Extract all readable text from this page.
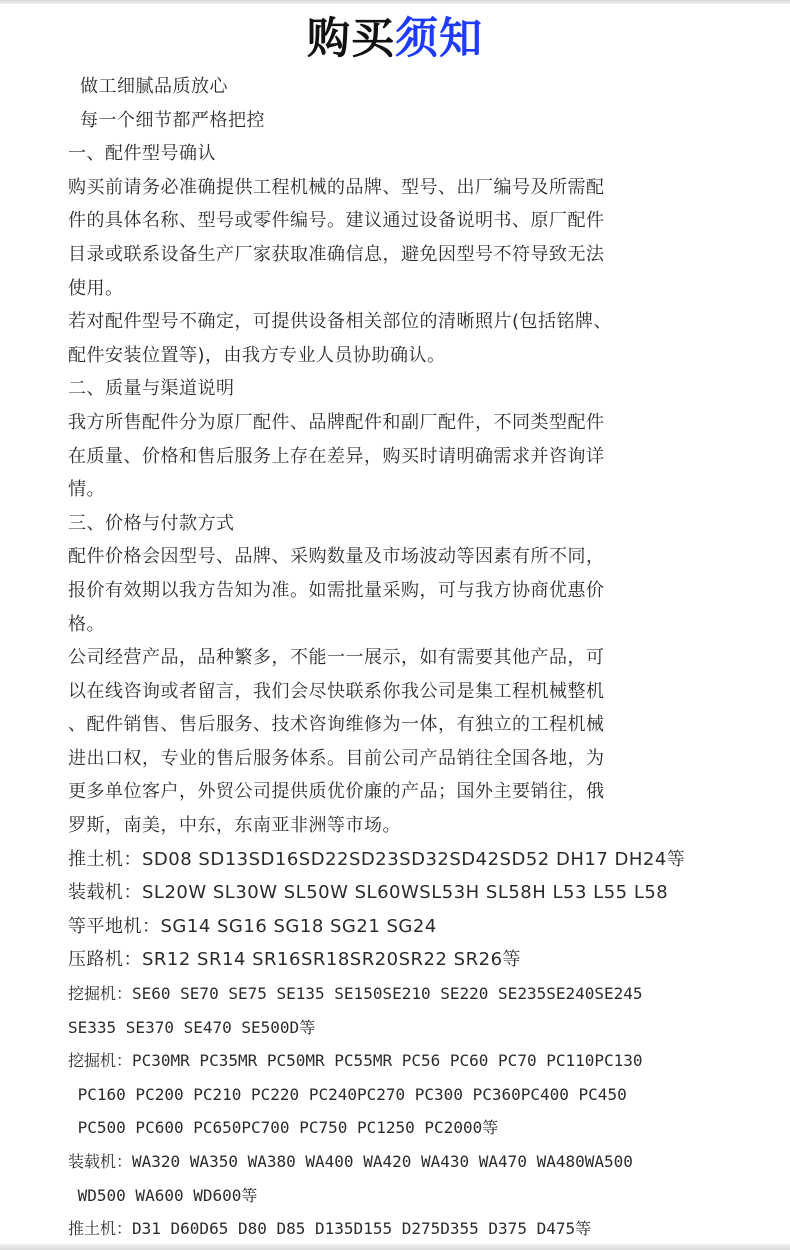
购买须知
做工细腻品质放心
每一个细节都严格把控
一、配件型号确认
购买前请务必准确提供工程机械的品牌、型号、出厂编号及所需配
件的具体名称、型号或零件编号。建议通过设备说明书、原厂配件
目录或联系设备生产厂家获取准确信息，避免因型号不符导致无法
使用。
若对配件型号不确定，可提供设备相关部位的清晰照片(包括铭牌、
配件安装位置等)，由我方专业人员协助确认。
二、质量与渠道说明
我方所售配件分为原厂配件、品牌配件和副厂配件，不同类型配件
在质量、价格和售后服务上存在差异，购买时请明确需求并咨询详
情。
三、价格与付款方式
配件价格会因型号、品牌、采购数量及市场波动等因素有所不同，
报价有效期以我方告知为准。如需批量采购，可与我方协商优惠价
格。
公司经营产品，品种繁多，不能一一展示，如有需要其他产品，可
以在线咨询或者留言，我们会尽快联系你我公司是集工程机械整机
、配件销售、售后服务、技术咨询维修为一体，有独立的工程机械
进出口权，专业的售后服务体系。目前公司产品销往全国各地，为
更多单位客户，外贸公司提供质优价廉的产品；国外主要销往，俄
罗斯，南美，中东，东南亚非洲等市场。
推土机：SD08 SD13SD16SD22SD23SD32SD42SD52 DH17 DH24等
装载机：SL20W SL30W SL50W SL60WSL53H SL58H L53 L55 L58
等平地机：SG14 SG16 SG18 SG21 SG24
压路机：SR12 SR14 SR16SR18SR20SR22 SR26等
挖掘机：SE60 SE70 SE75 SE135 SE150SE210 SE220 SE235SE240SE245
SE335 SE370 SE470 SE500D等
挖掘机：PC30MR PC35MR PC50MR PC55MR PC56 PC60 PC70 PC110PC130
PC160 PC200 PC210 PC220 PC240PC270 PC300 PC360PC400 PC450
PC500 PC600 PC650PC700 PC750 PC1250 PC2000等
装载机：WA320 WA350 WA380 WA400 WA420 WA430 WA470 WA480WA500
WD500 WA600 WD600等
推土机：D31 D60D65 D80 D85 D135D155 D275D355 D375 D475等
